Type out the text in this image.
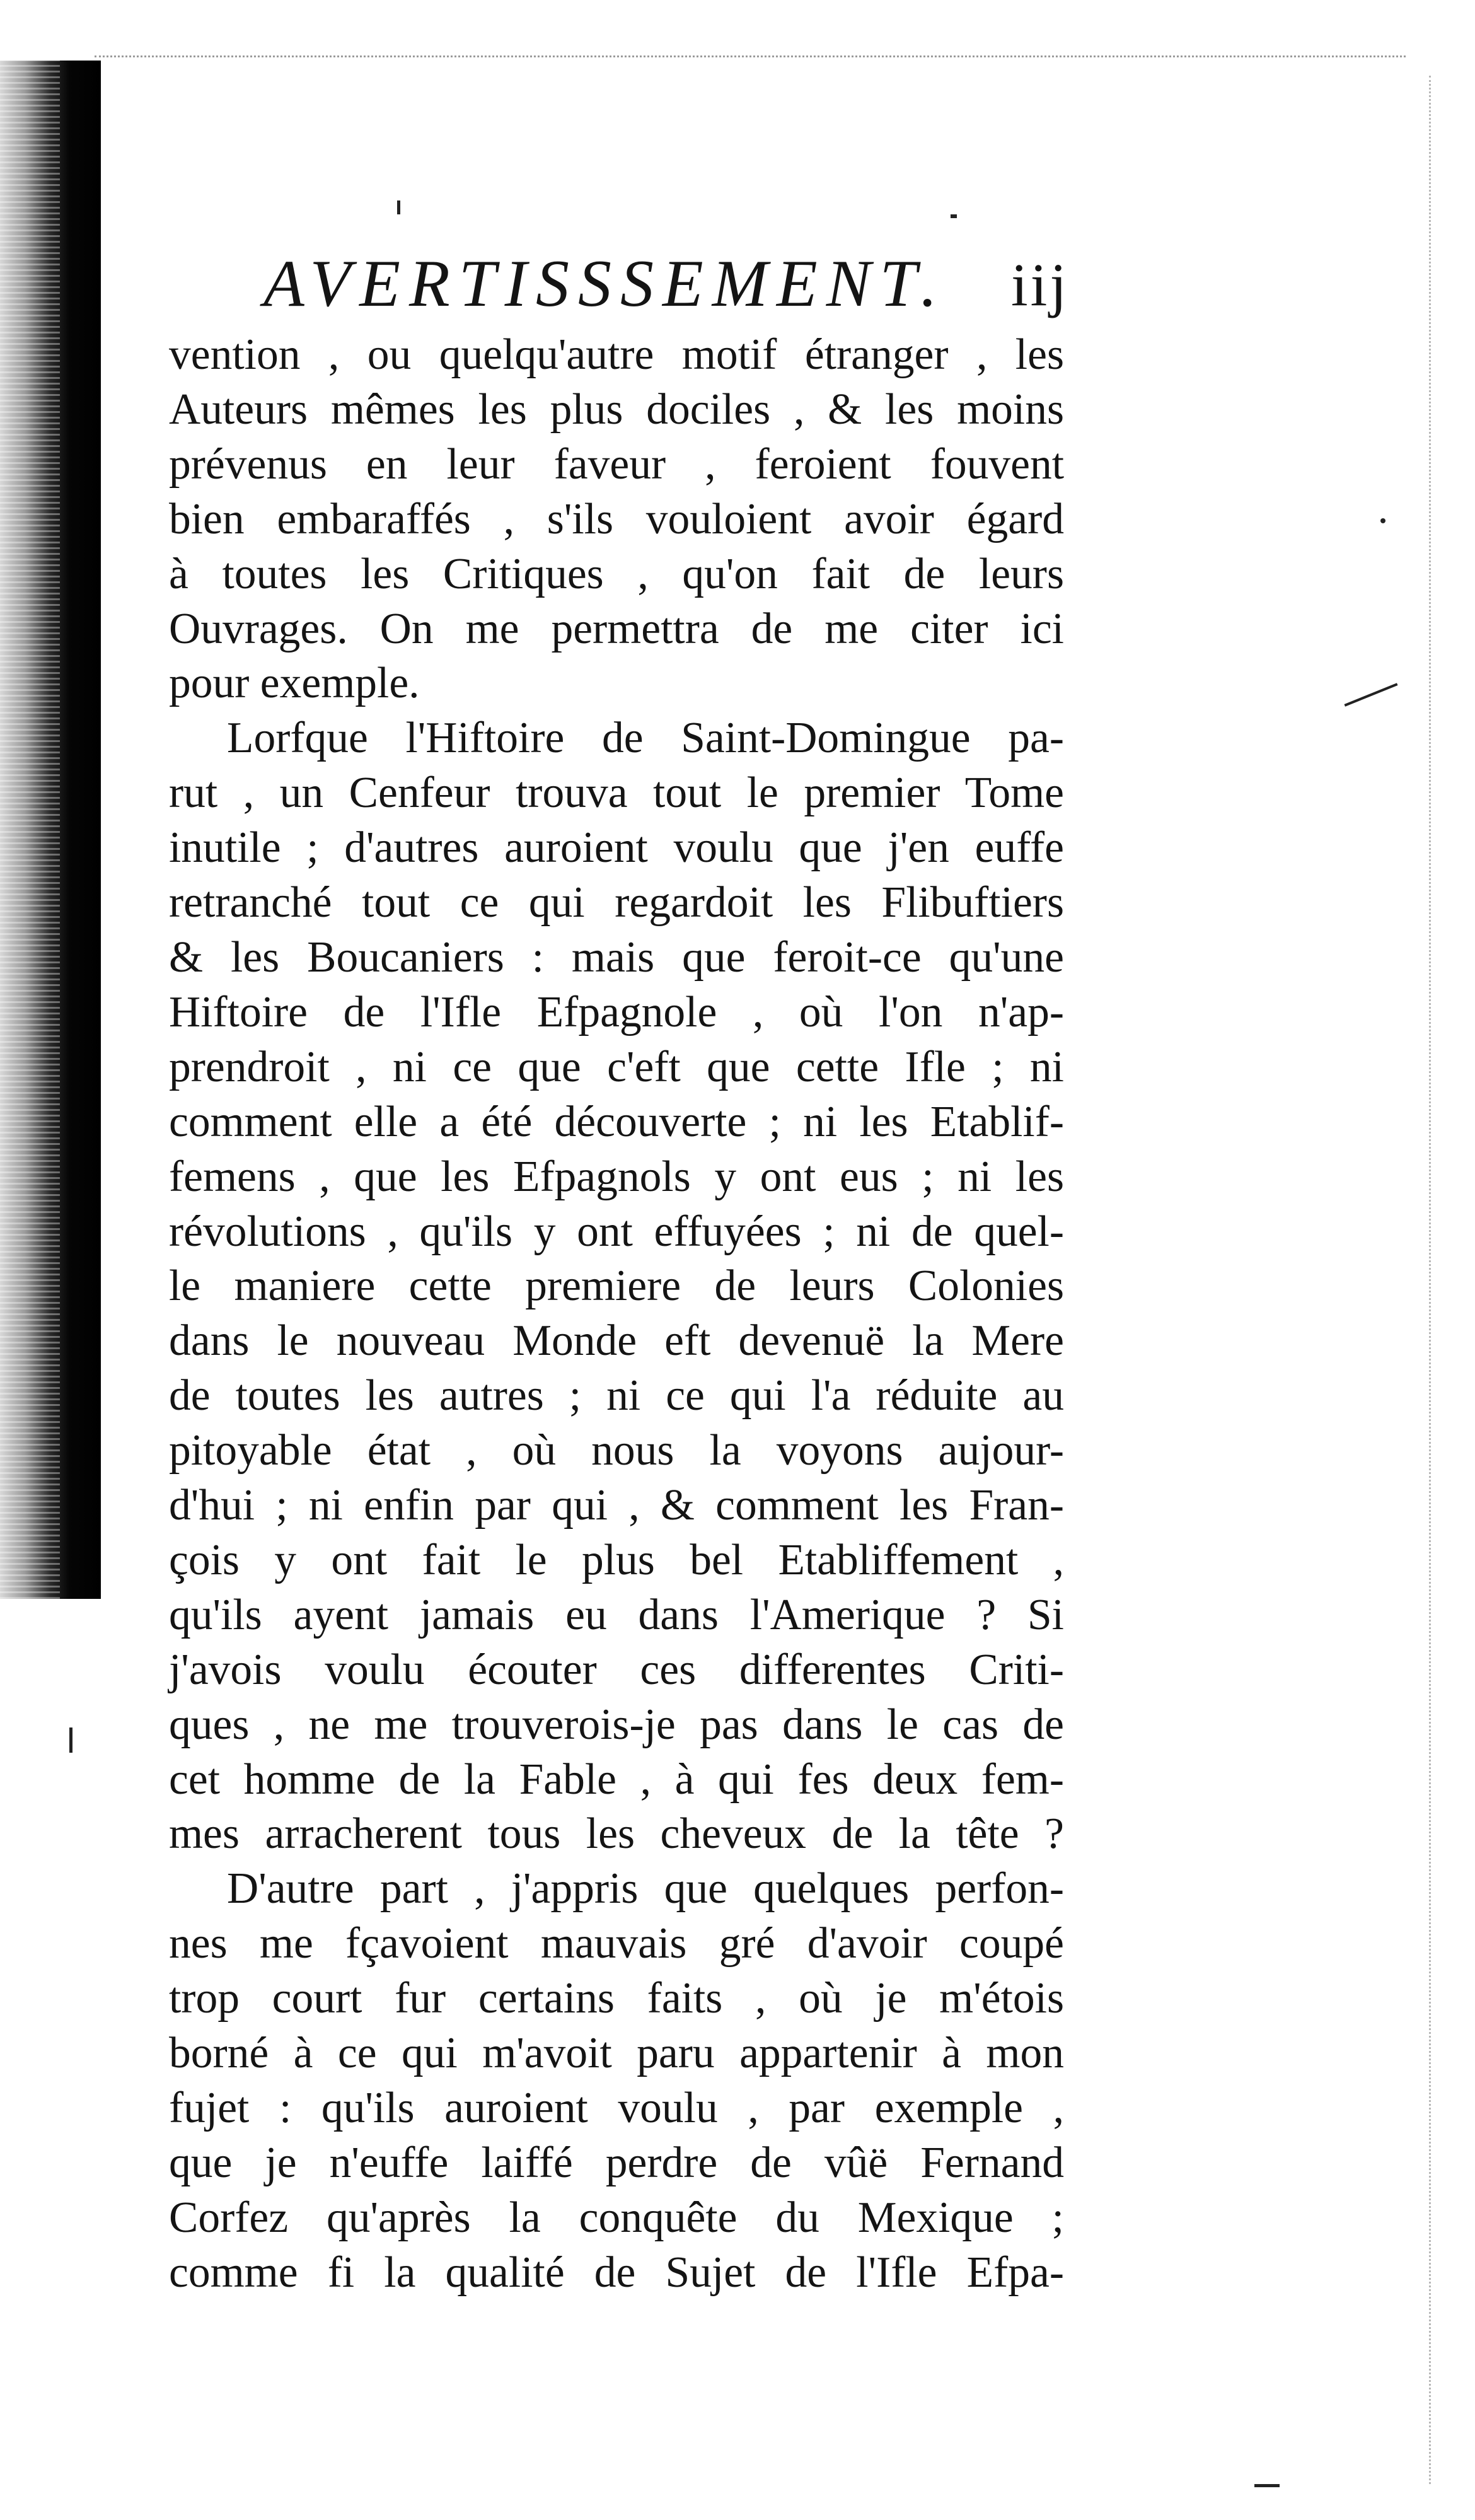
AVERTISSSEMENT. iij
vention , ou quelqu'autre motif étranger , les
Auteurs mêmes les plus dociles , & les moins
prévenus en leur faveur , feroient fouvent
bien embaraffés , s'ils vouloient avoir égard
à toutes les Critiques , qu'on fait de leurs
Ouvrages. On me permettra de me citer ici
pour exemple.
Lorfque l'Hiftoire de Saint-Domingue pa-
rut , un Cenfeur trouva tout le premier Tome
inutile ; d'autres auroient voulu que j'en euffe
retranché tout ce qui regardoit les Flibuftiers
& les Boucaniers : mais que feroit-ce qu'une
Hiftoire de l'Ifle Efpagnole , où l'on n'ap-
prendroit , ni ce que c'eft que cette Ifle ; ni
comment elle a été découverte ; ni les Etablif-
femens , que les Efpagnols y ont eus ; ni les
révolutions , qu'ils y ont effuyées ; ni de quel-
le maniere cette premiere de leurs Colonies
dans le nouveau Monde eft devenuë la Mere
de toutes les autres ; ni ce qui l'a réduite au
pitoyable état , où nous la voyons aujour-
d'hui ; ni enfin par qui , & comment les Fran-
çois y ont fait le plus bel Etabliffement ,
qu'ils ayent jamais eu dans l'Amerique ? Si
j'avois voulu écouter ces differentes Criti-
ques , ne me trouverois-je pas dans le cas de
cet homme de la Fable , à qui fes deux fem-
mes arracherent tous les cheveux de la tête ?
D'autre part , j'appris que quelques perfon-
nes me fçavoient mauvais gré d'avoir coupé
trop court fur certains faits , où je m'étois
borné à ce qui m'avoit paru appartenir à mon
fujet : qu'ils auroient voulu , par exemple ,
que je n'euffe laiffé perdre de vûë Fernand
Corfez qu'après la conquête du Mexique ;
comme fi la qualité de Sujet de l'Ifle Efpa-
